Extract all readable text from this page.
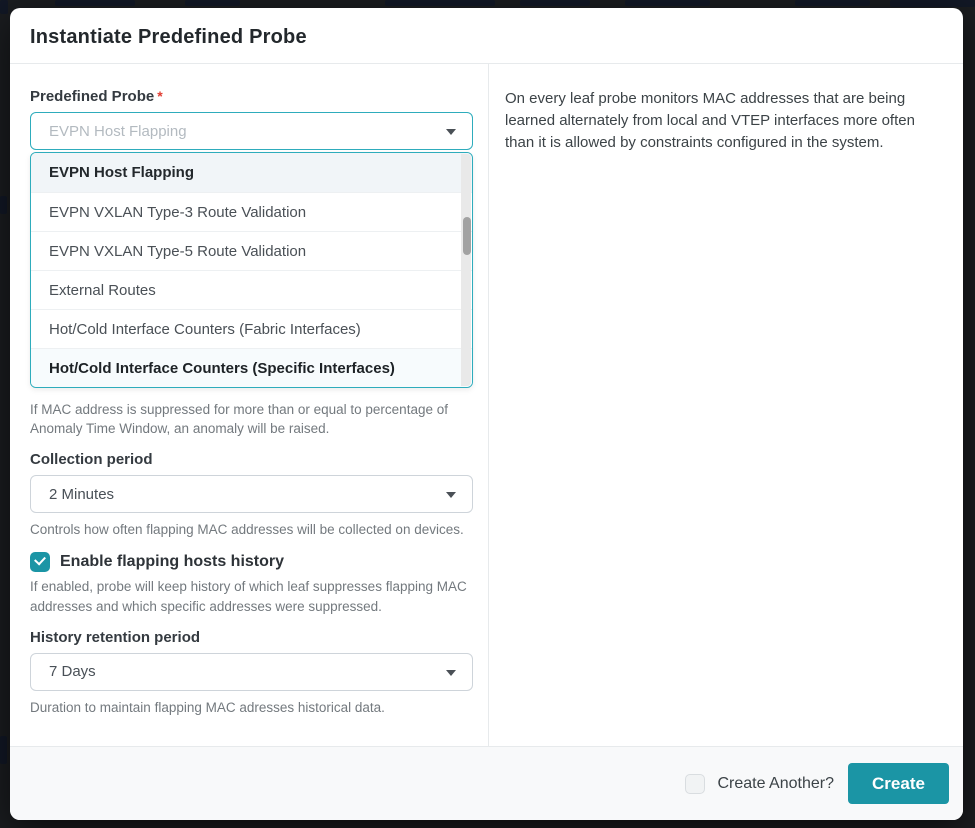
Instantiate Predefined Probe
Predefined Probe *
EVPN Host Flapping
EVPN Host Flapping
EVPN VXLAN Type-3 Route Validation
EVPN VXLAN Type-5 Route Validation
External Routes
Hot/Cold Interface Counters (Fabric Interfaces)
Hot/Cold Interface Counters (Specific Interfaces)
If MAC address is suppressed for more than or equal to percentage of Anomaly Time Window, an anomaly will be raised.
Collection period
2 Minutes
Controls how often flapping MAC addresses will be collected on devices.
Enable flapping hosts history
If enabled, probe will keep history of which leaf suppresses flapping MAC addresses and which specific addresses were suppressed.
History retention period
7 Days
Duration to maintain flapping MAC adresses historical data.
On every leaf probe monitors MAC addresses that are being learned alternately from local and VTEP interfaces more often than it is allowed by constraints configured in the system.
Create Another?	Create
